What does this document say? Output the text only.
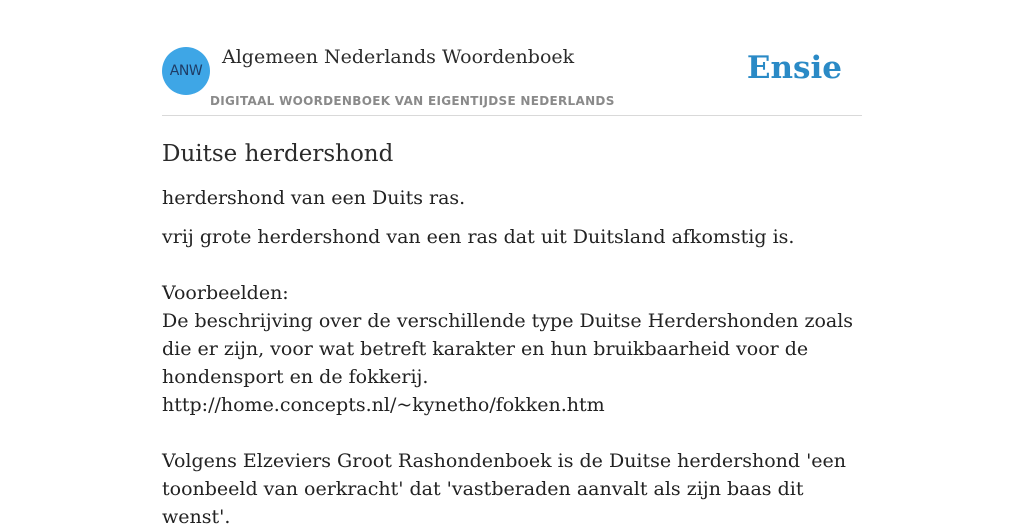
ANW
Algemeen Nederlands Woordenboek
DIGITAAL WOORDENBOEK VAN EIGENTIJDSE NEDERLANDS
Ensie
Duitse herdershond

herdershond van een Duits ras.

vrij grote herdershond van een ras dat uit Duitsland afkomstig is.

Voorbeelden:

De beschrijving over de verschillende type Duitse Herdershonden zoals die er zijn, voor wat betreft karakter en hun bruikbaarheid voor de hondensport en de fokkerij.

http://home.concepts.nl/~kynetho/fokken.htm

Volgens Elzeviers Groot Rashondenboek is de Duitse herdershond 'een toonbeeld van oerkracht' dat 'vastberaden aanvalt als zijn baas dit wenst'.
